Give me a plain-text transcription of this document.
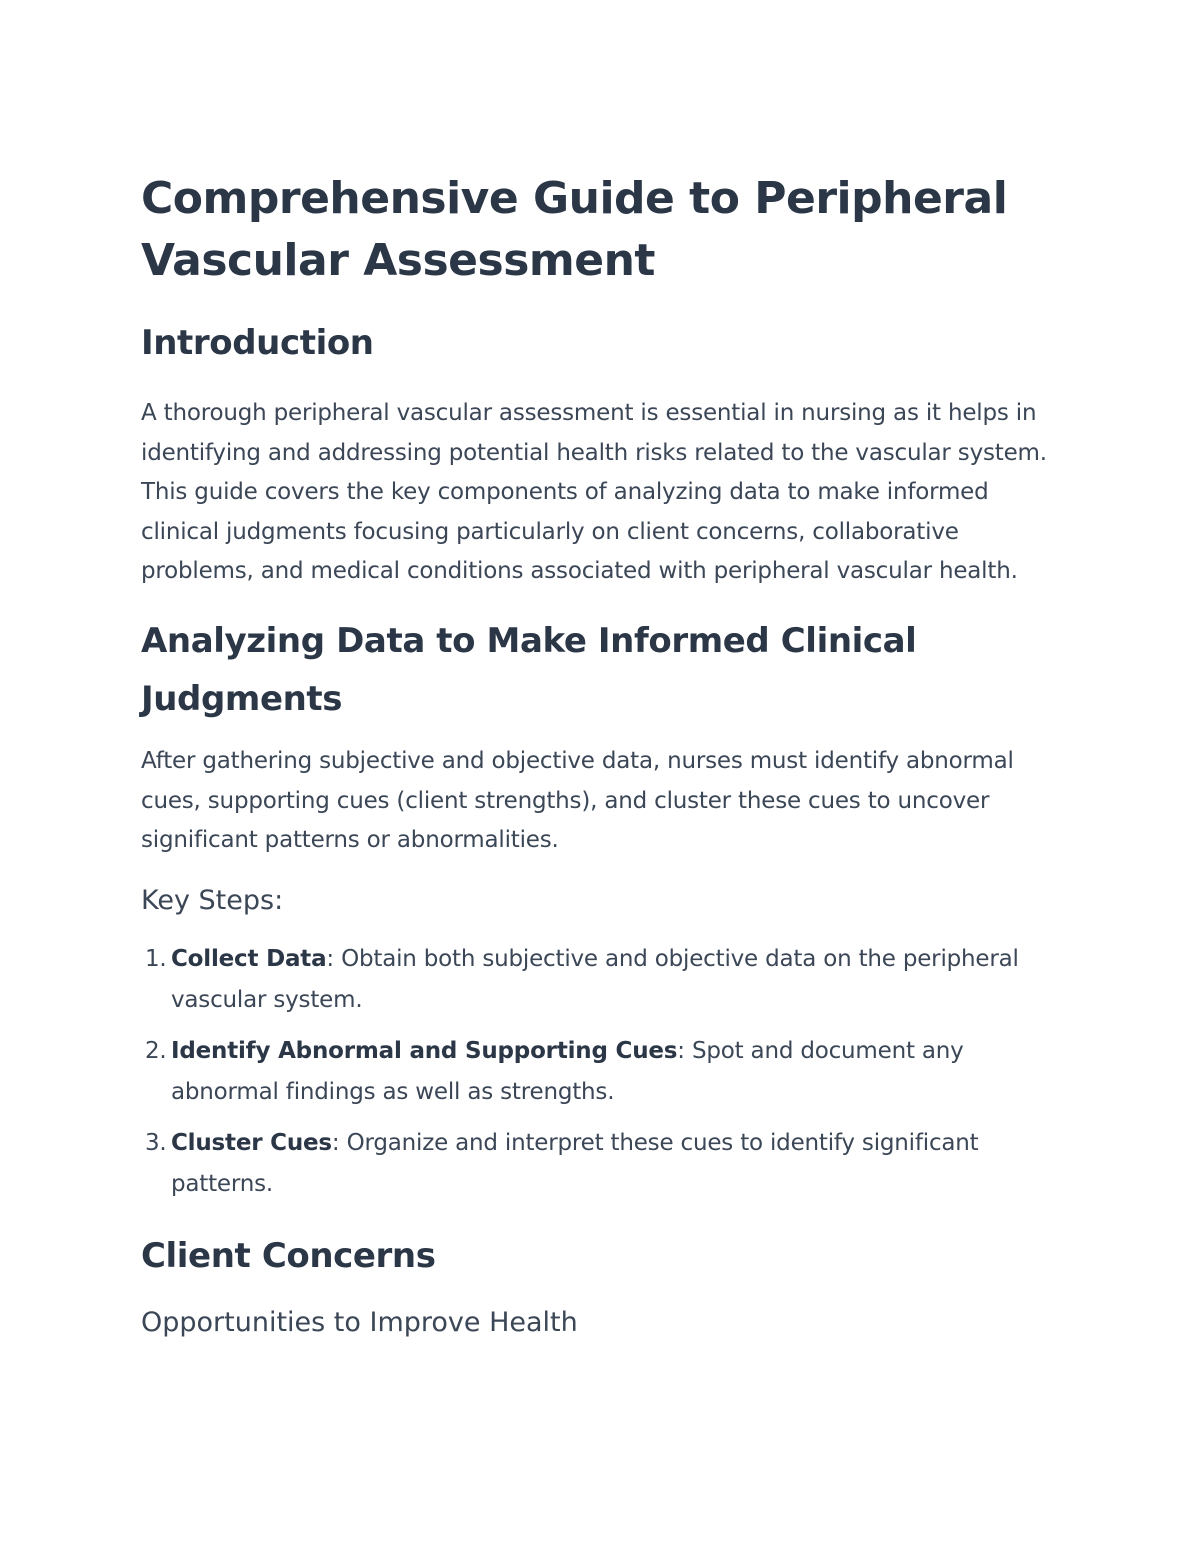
Comprehensive Guide to Peripheral Vascular Assessment
Introduction

A thorough peripheral vascular assessment is essential in nursing as it helps in identifying and addressing potential health risks related to the vascular system. This guide covers the key components of analyzing data to make informed clinical judgments focusing particularly on client concerns, collaborative problems, and medical conditions associated with peripheral vascular health.

Analyzing Data to Make Informed Clinical Judgments

After gathering subjective and objective data, nurses must identify abnormal cues, supporting cues (client strengths), and cluster these cues to uncover significant patterns or abnormalities.

Key Steps:
1. Collect Data: Obtain both subjective and objective data on the peripheral vascular system.
2. Identify Abnormal and Supporting Cues: Spot and document any abnormal findings as well as strengths.
3. Cluster Cues: Organize and interpret these cues to identify significant patterns.
Client Concerns
Opportunities to Improve Health
